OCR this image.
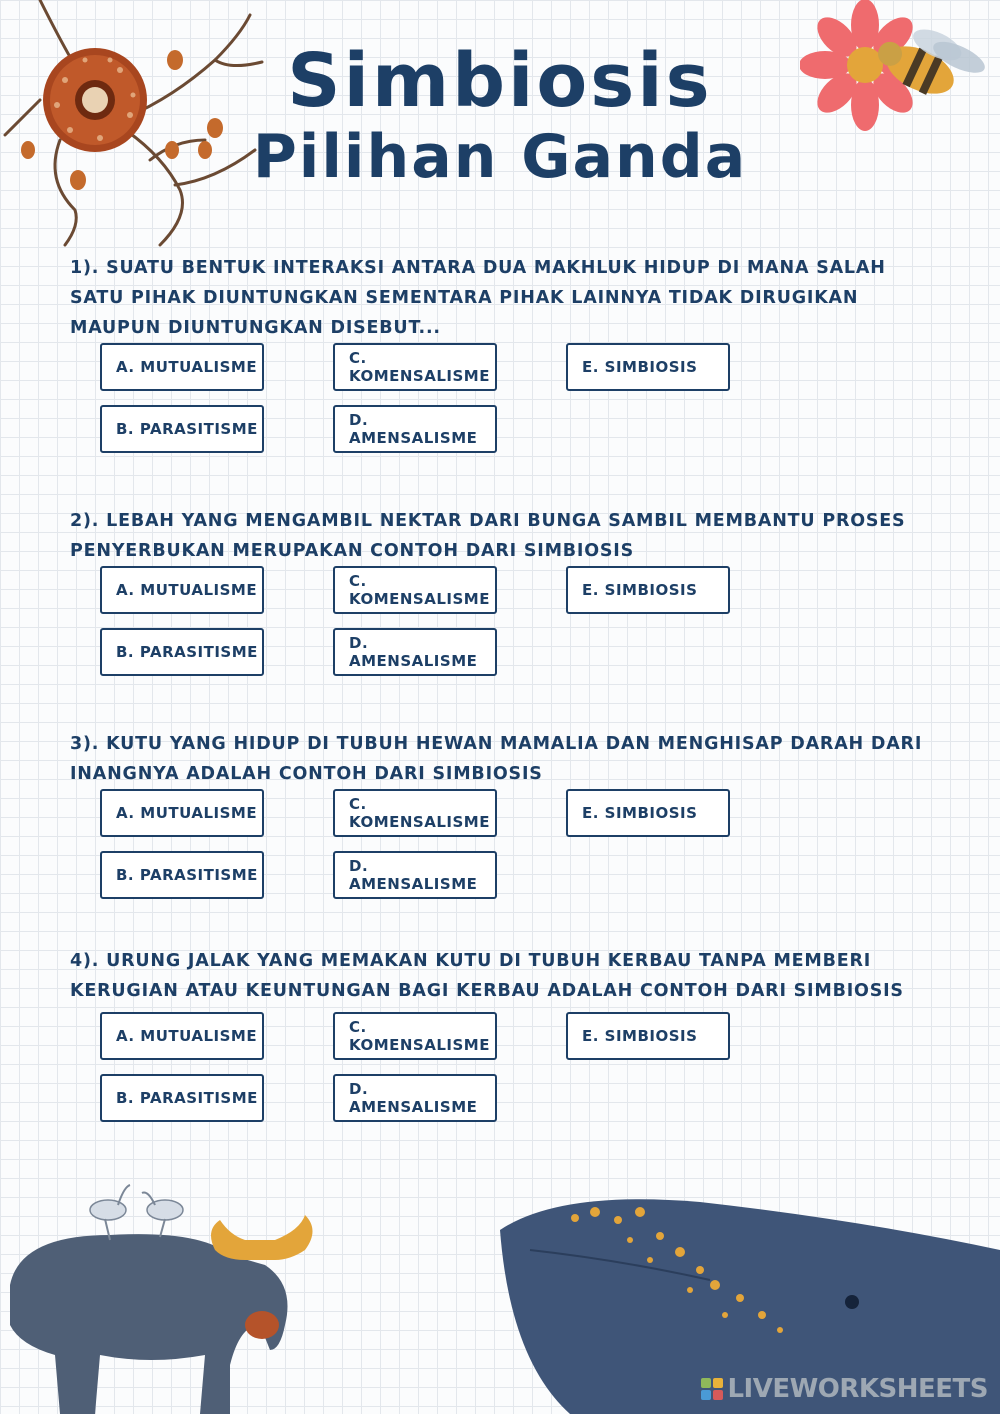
Simbiosis
Pilihan Ganda

1). SUATU BENTUK INTERAKSI ANTARA DUA MAKHLUK HIDUP DI MANA SALAH SATU PIHAK DIUNTUNGKAN SEMENTARA PIHAK LAINNYA TIDAK DIRUGIKAN MAUPUN DIUNTUNGKAN DISEBUT...

A. MUTUALISME	C. KOMENSALISME	E. SIMBIOSIS
B. PARASITISME	D. AMENSALISME

2). LEBAH YANG MENGAMBIL NEKTAR DARI BUNGA SAMBIL MEMBANTU PROSES PENYERBUKAN MERUPAKAN CONTOH DARI SIMBIOSIS

A. MUTUALISME	C. KOMENSALISME	E. SIMBIOSIS
B. PARASITISME	D. AMENSALISME

3). KUTU YANG HIDUP DI TUBUH HEWAN MAMALIA DAN MENGHISAP DARAH DARI INANGNYA ADALAH CONTOH DARI SIMBIOSIS

A. MUTUALISME	C. KOMENSALISME	E. SIMBIOSIS
B. PARASITISME	D. AMENSALISME

4). URUNG JALAK YANG MEMAKAN KUTU DI TUBUH KERBAU TANPA MEMBERI KERUGIAN ATAU KEUNTUNGAN BAGI KERBAU ADALAH CONTOH DARI SIMBIOSIS

A. MUTUALISME	C. KOMENSALISME	E. SIMBIOSIS
B. PARASITISME	D. AMENSALISME
LIVEWORKSHEETS
